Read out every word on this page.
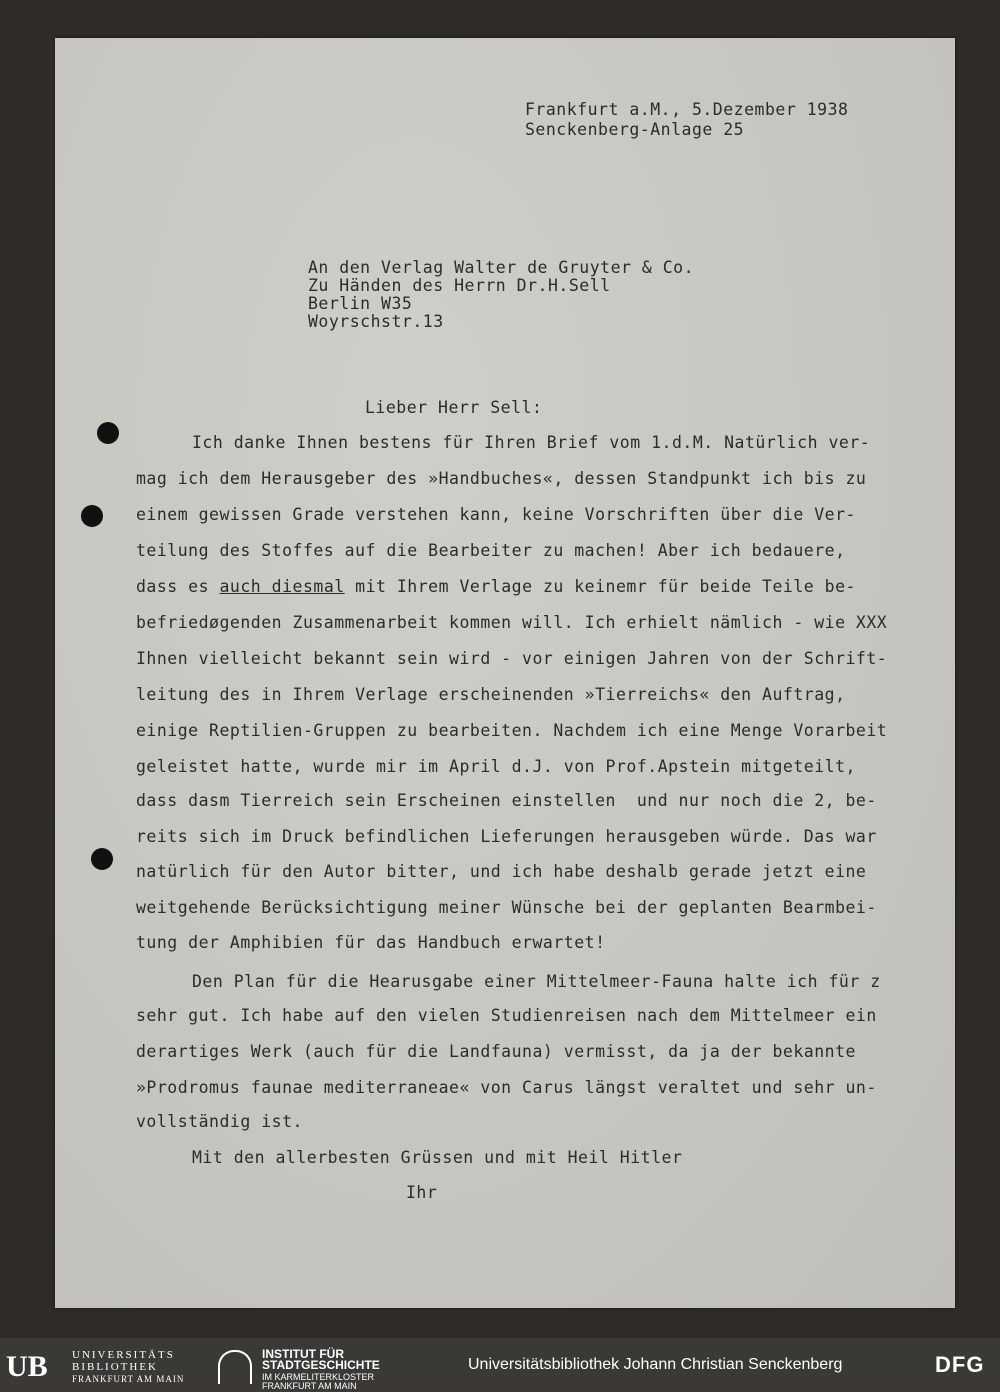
Frankfurt a.M., 5.Dezember 1938
Senckenberg-Anlage 25
An den Verlag Walter de Gruyter & Co.
Zu Händen des Herrn Dr.H.Sell
Berlin W35
Woyrschstr.13
Lieber Herr Sell:
Ich danke Ihnen bestens für Ihren Brief vom 1.d.M. Natürlich ver-
mag ich dem Herausgeber des »Handbuches«, dessen Standpunkt ich bis zu
einem gewissen Grade verstehen kann, keine Vorschriften über die Ver-
teilung des Stoffes auf die Bearbeiter zu machen! Aber ich bedauere,
dass es auch diesmal mit Ihrem Verlage zu keinemr für beide Teile be-
befriedøgenden Zusammenarbeit kommen will. Ich erhielt nämlich - wie XXX
Ihnen vielleicht bekannt sein wird - vor einigen Jahren von der Schrift-
leitung des in Ihrem Verlage erscheinenden »Tierreichs« den Auftrag,
einige Reptilien-Gruppen zu bearbeiten. Nachdem ich eine Menge Vorarbeit
geleistet hatte, wurde mir im April d.J. von Prof.Apstein mitgeteilt,
dass dasm Tierreich sein Erscheinen einstellen  und nur noch die 2, be-
reits sich im Druck befindlichen Lieferungen herausgeben würde. Das war
natürlich für den Autor bitter, und ich habe deshalb gerade jetzt eine
weitgehende Berücksichtigung meiner Wünsche bei der geplanten Bearmbei-
tung der Amphibien für das Handbuch erwartet!
Den Plan für die Hearusgabe einer Mittelmeer-Fauna halte ich für z
sehr gut. Ich habe auf den vielen Studienreisen nach dem Mittelmeer ein
derartiges Werk (auch für die Landfauna) vermisst, da ja der bekannte
»Prodromus faunae mediterraneae« von Carus längst veraltet und sehr un-
vollständig ist.
Mit den allerbesten Grüssen und mit Heil Hitler
Ihr
UB UNIVERSITÄTS
BIBLIOTHEK
FRANKFURT AM MAIN
INSTITUT FÜR
STADTGESCHICHTE
IM KARMELITERKLOSTER
FRANKFURT AM MAIN
Universitätsbibliothek Johann Christian Senckenberg	DFG
